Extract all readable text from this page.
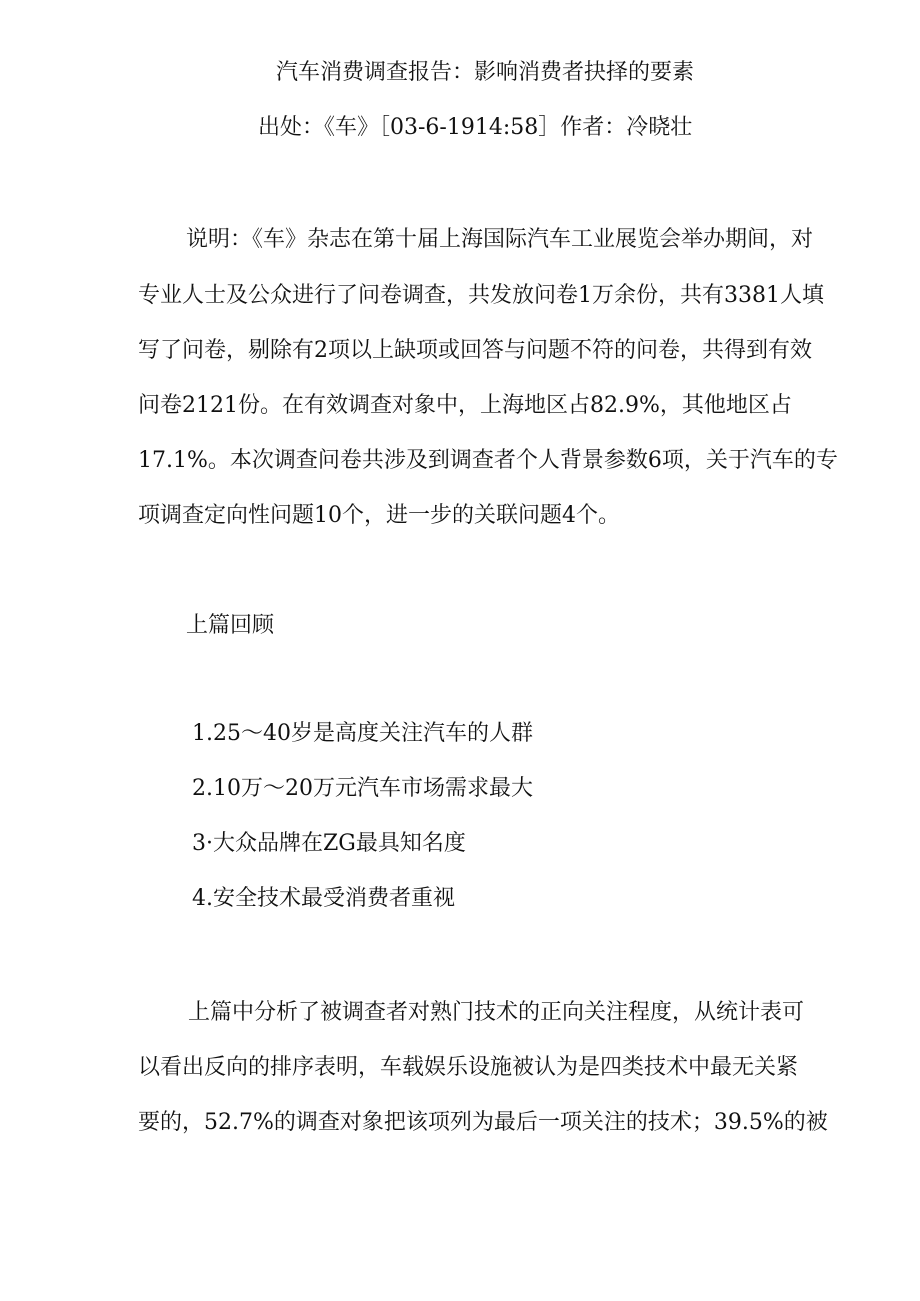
汽车消费调查报告：影响消费者抉择的要素
出处：《车》［03-6-1914:58］作者：冷晓壮
说明：《车》杂志在第十届上海国际汽车工业展览会举办期间，对
专业人士及公众进行了问卷调查，共发放问卷1万余份，共有3381人填
写了问卷，剔除有2项以上缺项或回答与问题不符的问卷，共得到有效
问卷2121份。在有效调查对象中，上海地区占82.9%，其他地区占
17.1%。本次调查问卷共涉及到调查者个人背景参数6项，关于汽车的专
项调查定向性问题10个，进一步的关联问题4个。
上篇回顾
1.25～40岁是高度关注汽车的人群
2.10万～20万元汽车市场需求最大
3·大众品牌在ZG最具知名度
4.安全技术最受消费者重视
上篇中分析了被调查者对熟门技术的正向关注程度，从统计表可
以看出反向的排序表明，车载娱乐设施被认为是四类技术中最无关紧
要的，52.7%的调查对象把该项列为最后一项关注的技术；39.5%的被
